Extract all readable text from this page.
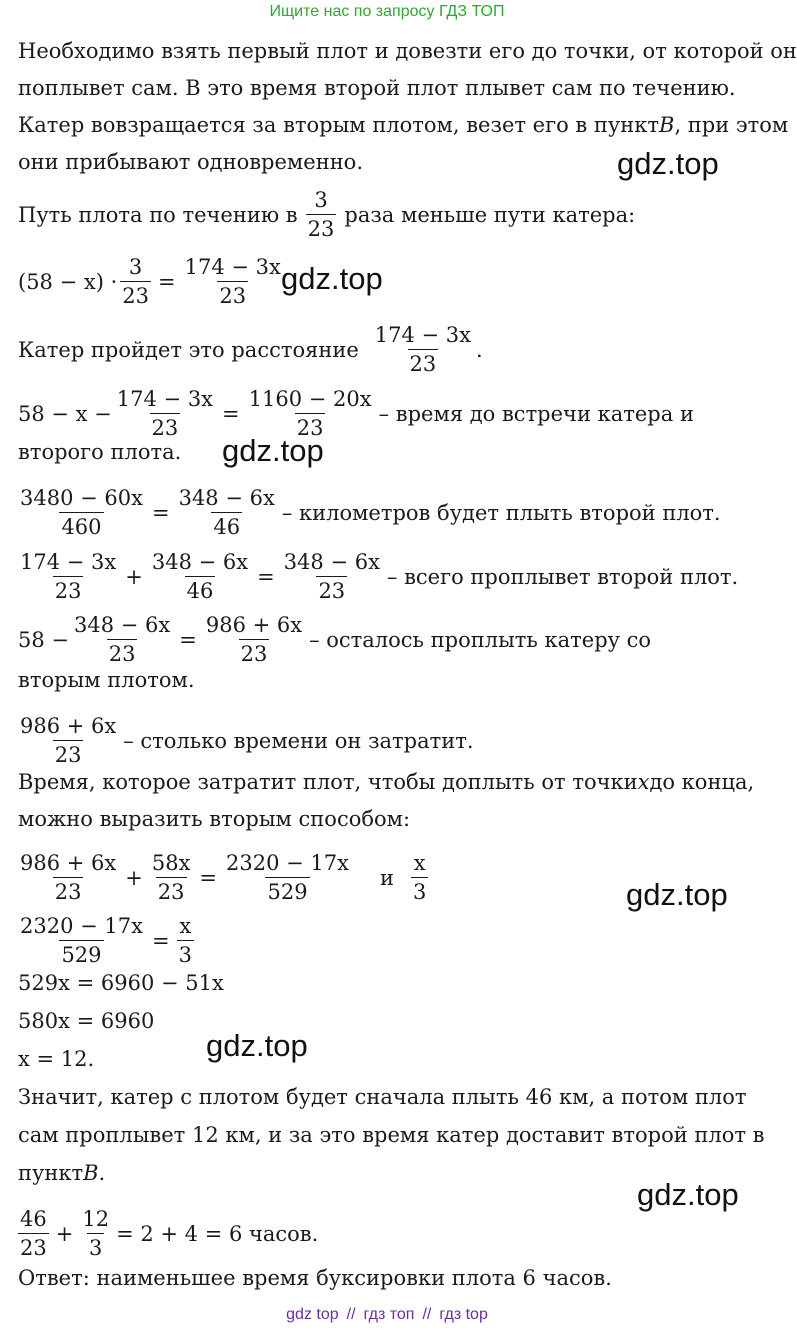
Ищите нас по запросу ГДЗ ТОП
gdz.top
gdz.top
gdz.top
gdz.top
gdz.top
gdz.top
Необходимо взять первый плот и довезти его до точки, от которой он
поплывет сам. В это время второй плот плывет сам по течению.
Катер вовзращается за вторым плотом, везет его в пункт B , при этом
они прибывают одновременно.
Путь плота по течению в $\frac{3}{23}$ раза меньше пути катера:
$(58 - x) \cdot \frac{3}{23} = \frac{174 - 3x}{23}$
Катер пройдет это расстояние $\frac{174 - 3x}{23}$ .
$58 - x - \frac{174 - 3x}{23} = \frac{1160 - 20x}{23}$ – время до встречи катера и
второго плота.
$\frac{3480 - 60x}{460} = \frac{348 - 6x}{46}$ – километров будет плыть второй плот.
$\frac{174 - 3x}{23} + \frac{348 - 6x}{46} = \frac{348 - 6x}{23}$ – всего проплывет второй плот.
$58 - \frac{348 - 6x}{23} = \frac{986 + 6x}{23}$ – осталось проплыть катеру со
вторым плотом.
$\frac{986 + 6x}{23}$ – столько времени он затратит.
Время, которое затратит плот, чтобы доплыть от точки x до конца,
можно выразить вторым способом:
$\frac{986 + 6x}{23} + \frac{58x}{23} = \frac{2320 - 17x}{529}$ и $\frac{x}{3}$
$\frac{2320 - 17x}{529} = \frac{x}{3}$
529x = 6960 − 51x
580x = 6960
x = 12.
Значит, катер с плотом будет сначала плыть 46 км, а потом плот
сам проплывет 12 км, и за это время катер доставит второй плот в
пункт B .
$\frac{46}{23} + \frac{12}{3} = 2 + 4 = 6$ часов.
Ответ: наименьшее время буксировки плота 6 часов.
gdz top // гдз топ // гдз top
